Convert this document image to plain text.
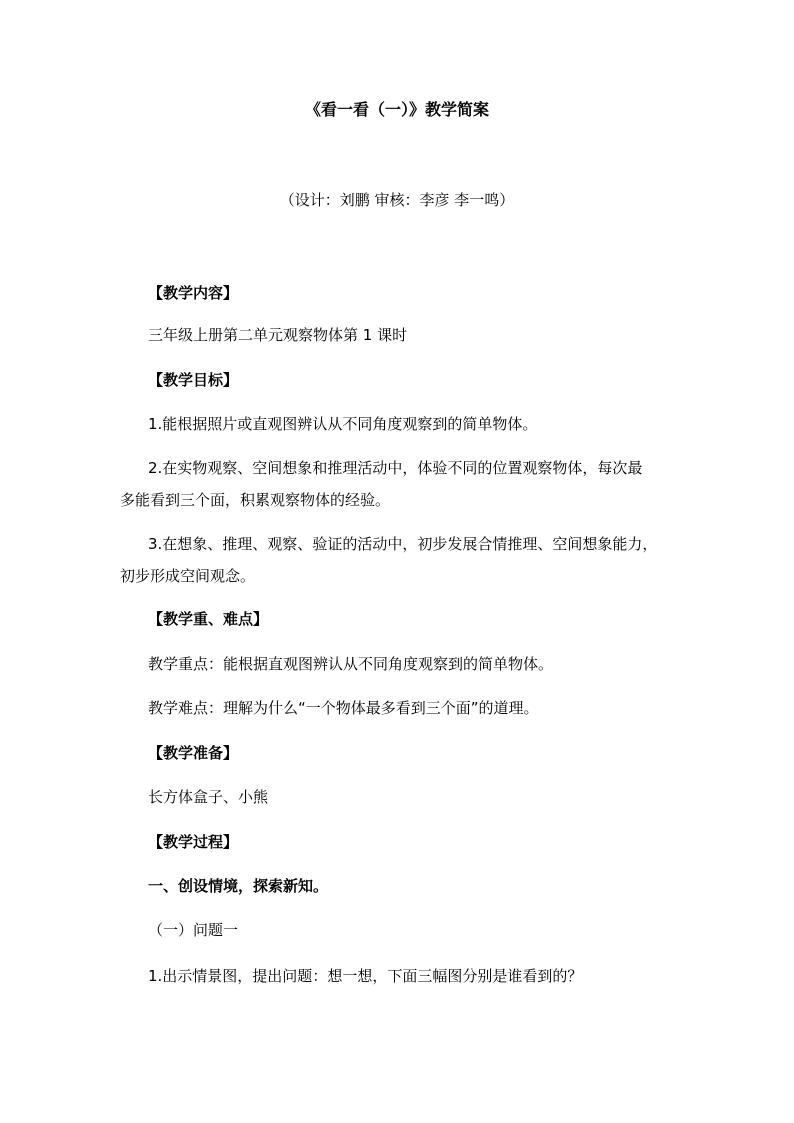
《看一看（一）》教学简案
（设计：刘鹏 审核：李彦 李一鸣）
【教学内容】
三年级上册第二单元观察物体第 1 课时
【教学目标】
1.能根据照片或直观图辨认从不同角度观察到的简单物体。
2.在实物观察、空间想象和推理活动中，体验不同的位置观察物体，每次最
多能看到三个面，积累观察物体的经验。
3.在想象、推理、观察、验证的活动中，初步发展合情推理、空间想象能力，
初步形成空间观念。
【教学重、难点】
教学重点：能根据直观图辨认从不同角度观察到的简单物体。
教学难点：理解为什么“一个物体最多看到三个面”的道理。
【教学准备】
长方体盒子、小熊
【教学过程】
一、创设情境，探索新知。
（一）问题一
1.出示情景图，提出问题：想一想，下面三幅图分别是谁看到的？
